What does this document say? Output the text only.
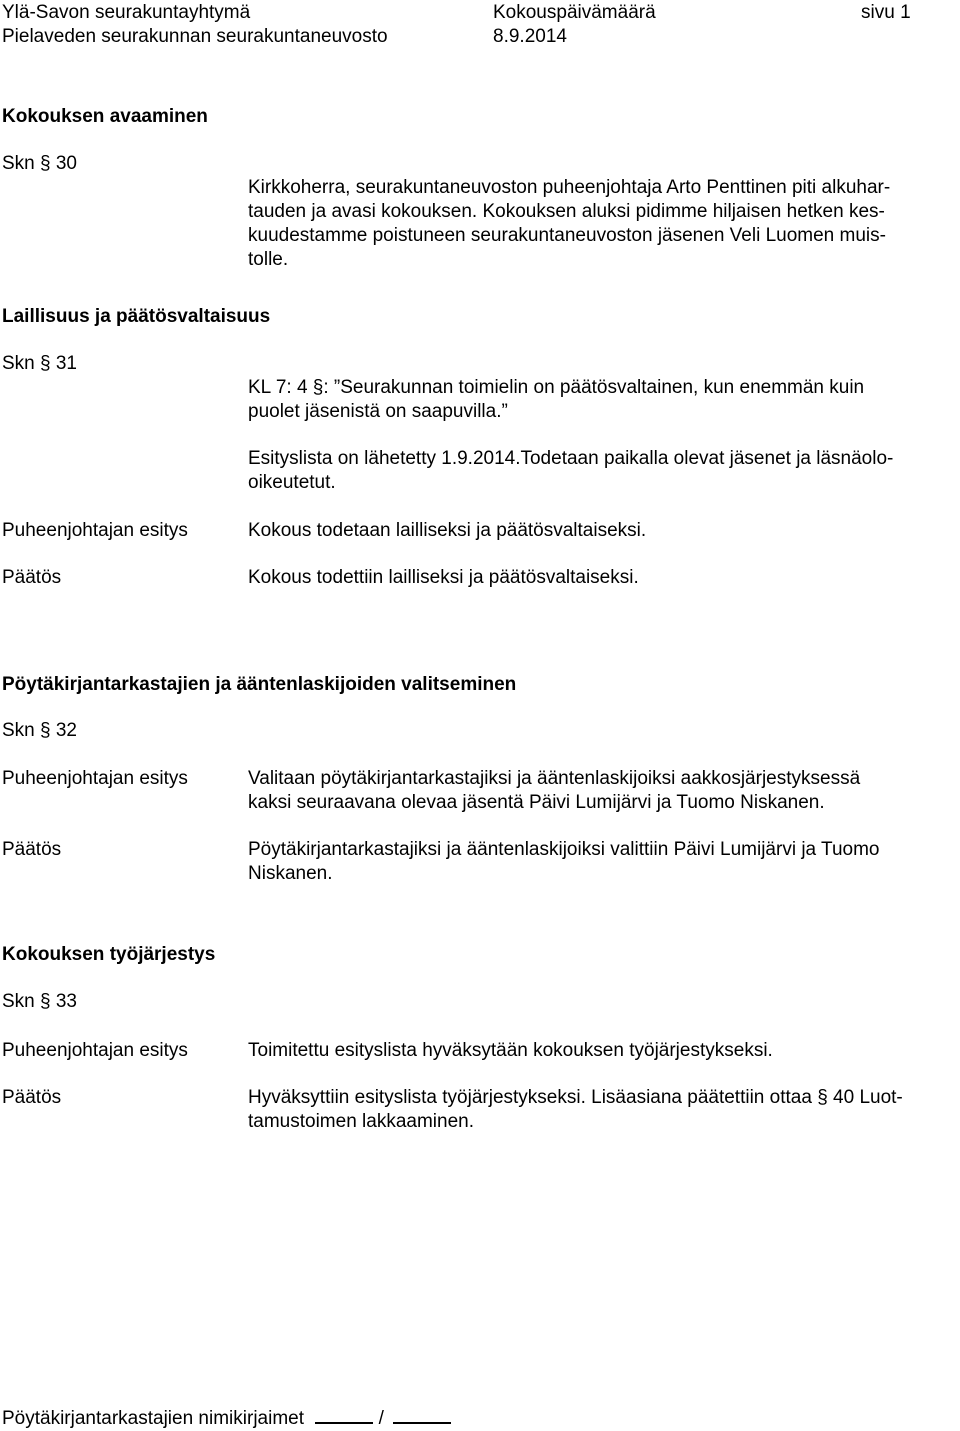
Ylä-Savon seurakuntayhtymä
Pielaveden seurakunnan seurakuntaneuvosto
Kokouspäivämäärä
8.9.2014
sivu 1
Kokouksen avaaminen
Skn § 30
Kirkkoherra, seurakuntaneuvoston puheenjohtaja Arto Penttinen piti alkuhar-
tauden ja avasi kokouksen. Kokouksen aluksi pidimme hiljaisen hetken kes-
kuudestamme poistuneen seurakuntaneuvoston jäsenen Veli Luomen muis-
tolle.
Laillisuus ja päätösvaltaisuus
Skn § 31
KL 7: 4 §: ”Seurakunnan toimielin on päätösvaltainen, kun enemmän kuin
puolet jäsenistä on saapuvilla.”
Esityslista on lähetetty 1.9.2014.Todetaan paikalla olevat jäsenet ja läsnäolo-
oikeutetut.
Puheenjohtajan esitys	Kokous todetaan lailliseksi ja päätösvaltaiseksi.
Päätös	Kokous todettiin lailliseksi ja päätösvaltaiseksi.
Pöytäkirjantarkastajien ja ääntenlaskijoiden valitseminen
Skn § 32
Puheenjohtajan esitys	Valitaan pöytäkirjantarkastajiksi ja ääntenlaskijoiksi aakkosjärjestyksessä
kaksi seuraavana olevaa jäsentä Päivi Lumijärvi ja Tuomo Niskanen.
Päätös	Pöytäkirjantarkastajiksi ja ääntenlaskijoiksi valittiin Päivi Lumijärvi ja Tuomo
Niskanen.
Kokouksen työjärjestys
Skn § 33
Puheenjohtajan esitys	Toimitettu esityslista hyväksytään kokouksen työjärjestykseksi.
Päätös	Hyväksyttiin esityslista työjärjestykseksi. Lisäasiana päätettiin ottaa § 40 Luot-
tamustoimen lakkaaminen.
Pöytäkirjantarkastajien nimikirjaimet	/
